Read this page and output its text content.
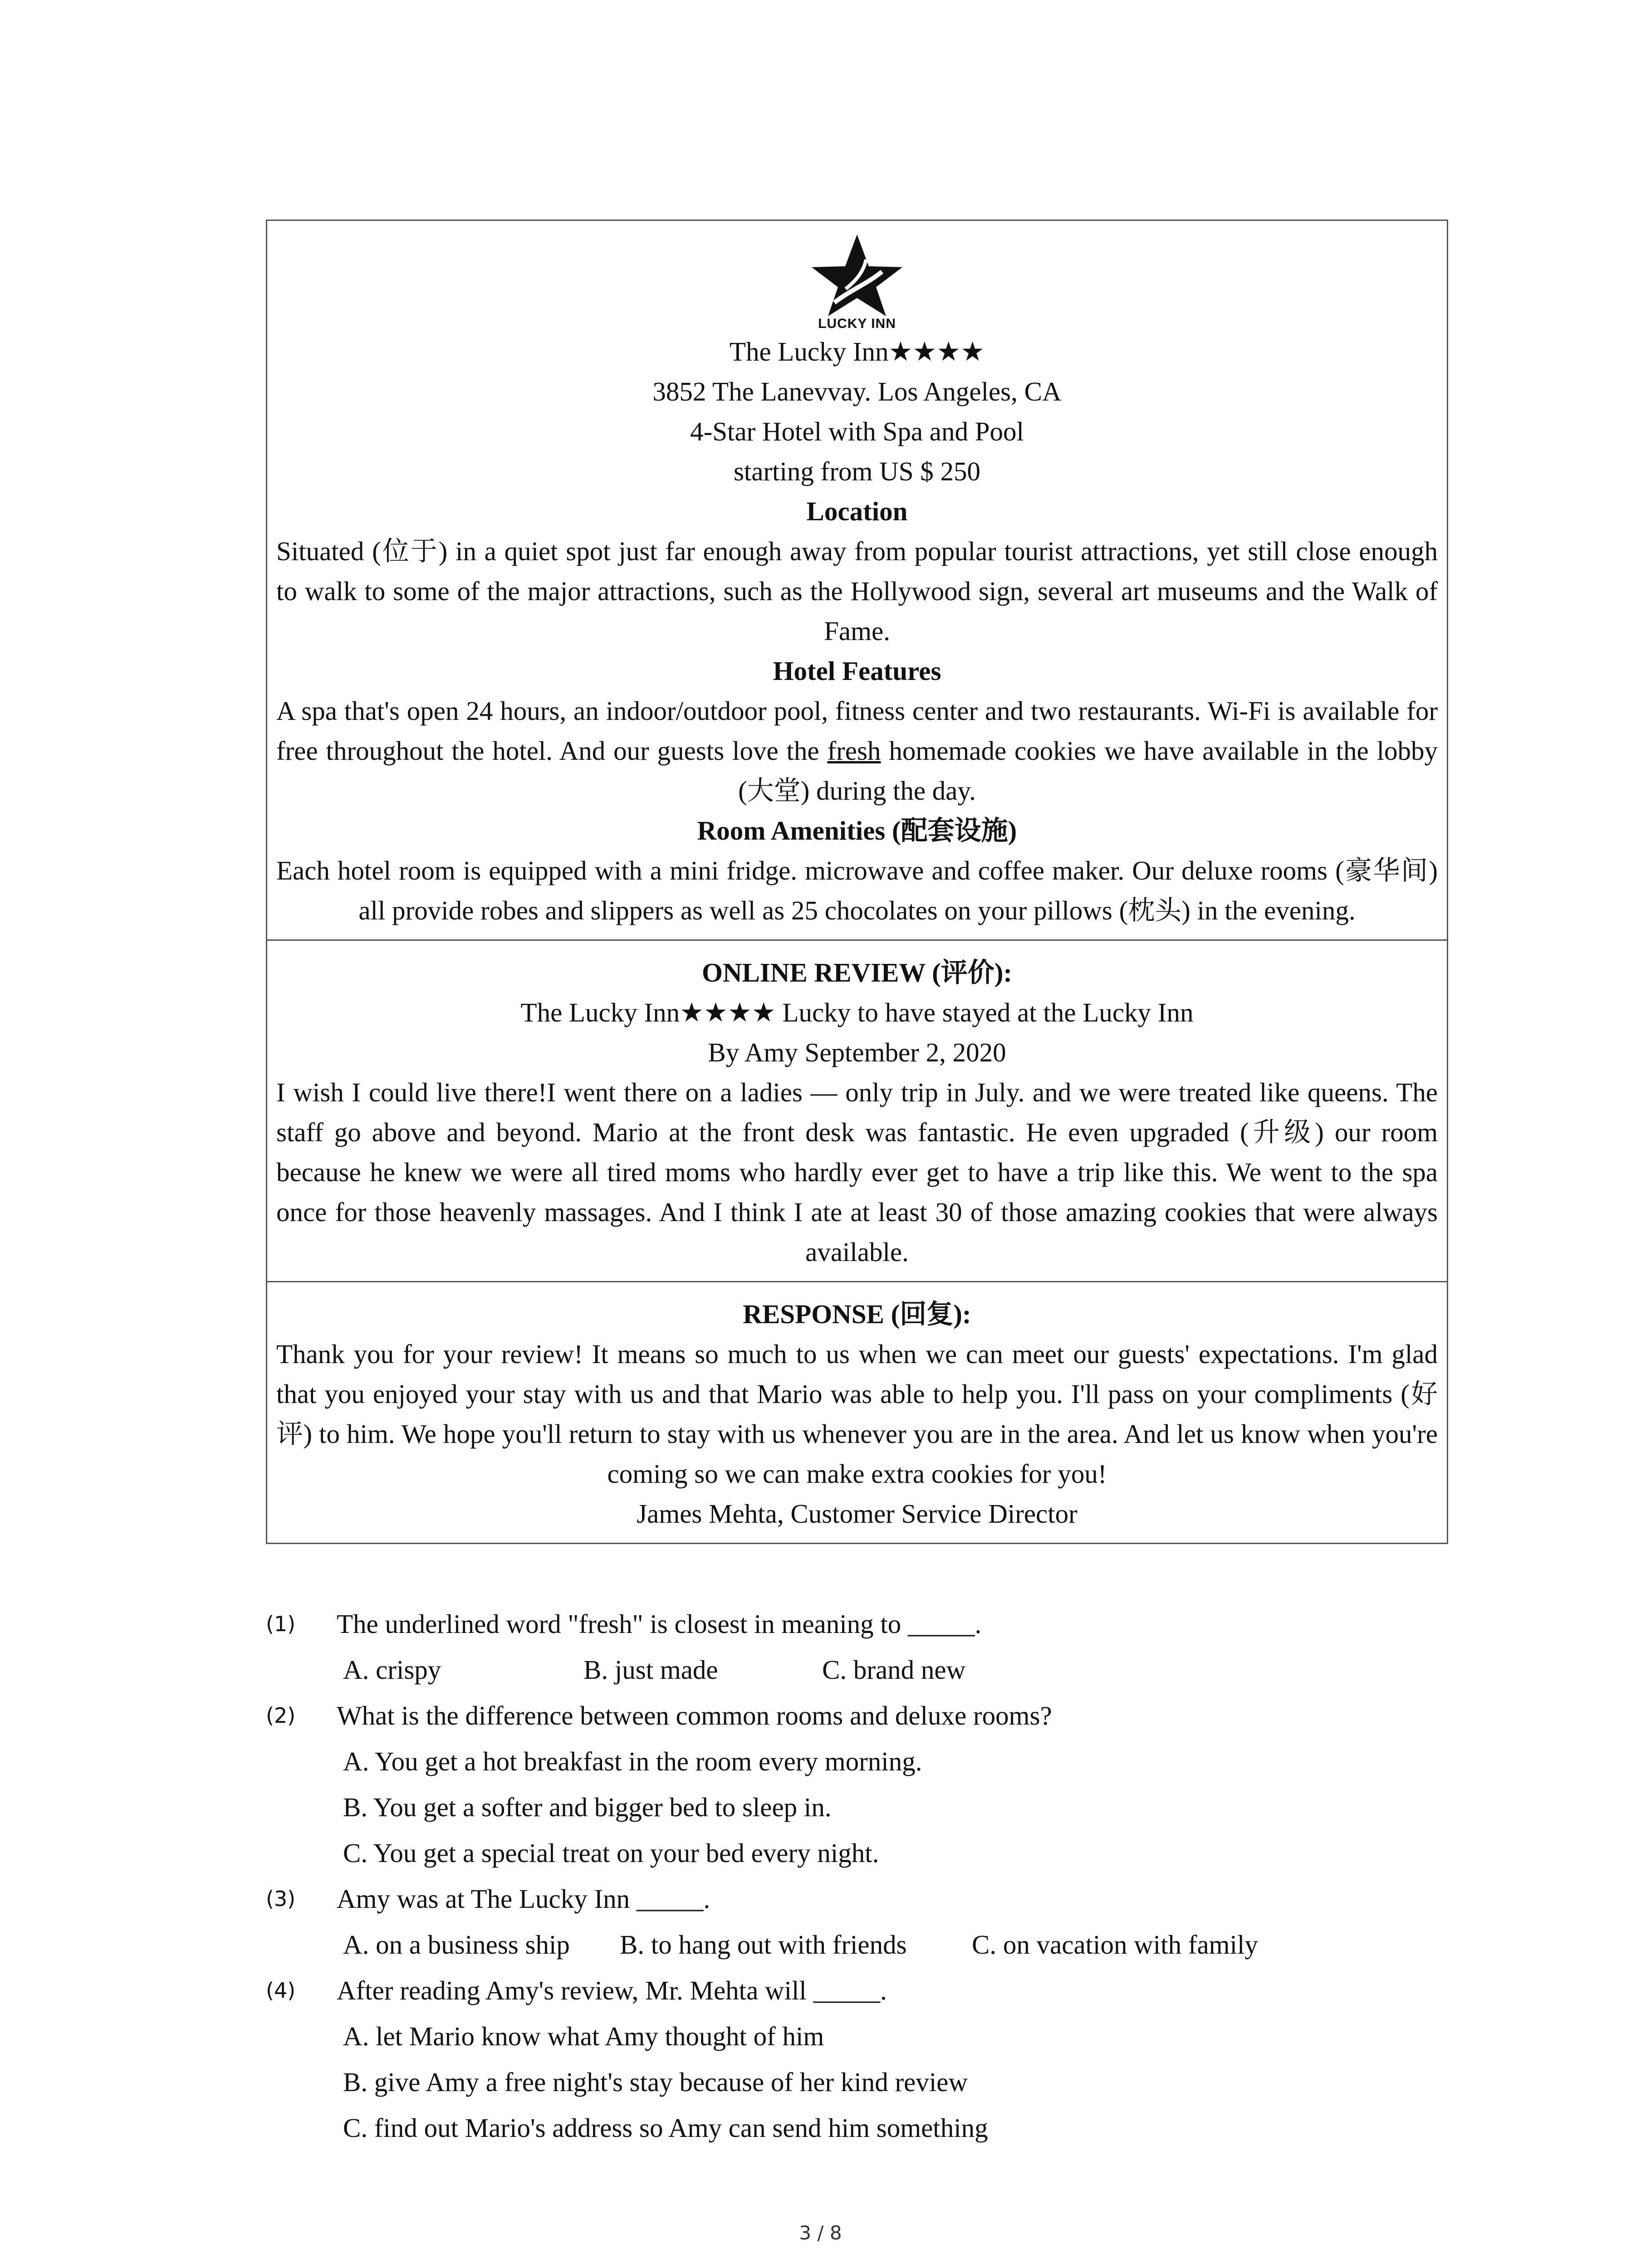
LUCKY INN
The Lucky Inn★★★★
3852 The Lanevvay. Los Angeles, CA
4-Star Hotel with Spa and Pool
starting from US $ 250
Location
Situated (位于) in a quiet spot just far enough away from popular tourist attractions, yet still close enough to walk to some of the major attractions, such as the Hollywood sign, several art museums and the Walk of Fame.
Hotel Features
A spa that's open 24 hours, an indoor/outdoor pool, fitness center and two restaurants. Wi-Fi is available for free throughout the hotel. And our guests love the fresh homemade cookies we have available in the lobby (大堂) during the day.
Room Amenities (配套设施)
Each hotel room is equipped with a mini fridge. microwave and coffee maker. Our deluxe rooms (豪华间) all provide robes and slippers as well as 25 chocolates on your pillows (枕头) in the evening.
ONLINE REVIEW (评价):
The Lucky Inn★★★★ Lucky to have stayed at the Lucky Inn
By Amy September 2, 2020
I wish I could live there!I went there on a ladies — only trip in July. and we were treated like queens. The staff go above and beyond. Mario at the front desk was fantastic. He even upgraded (升级) our room because he knew we were all tired moms who hardly ever get to have a trip like this. We went to the spa once for those heavenly massages. And I think I ate at least 30 of those amazing cookies that were always available.
RESPONSE (回复):
Thank you for your review! It means so much to us when we can meet our guests' expectations. I'm glad that you enjoyed your stay with us and that Mario was able to help you. I'll pass on your compliments (好评) to him. We hope you'll return to stay with us whenever you are in the area. And let us know when you're coming so we can make extra cookies for you!
James Mehta, Customer Service Director
(1) The underlined word "fresh" is closest in meaning to _____.
A. crispy	B. just made	C. brand new
(2) What is the difference between common rooms and deluxe rooms?
A. You get a hot breakfast in the room every morning.
B. You get a softer and bigger bed to sleep in.
C. You get a special treat on your bed every night.
(3) Amy was at The Lucky Inn _____.
A. on a business ship B. to hang out with friends C. on vacation with family
(4) After reading Amy's review, Mr. Mehta will _____.
A. let Mario know what Amy thought of him
B. give Amy a free night's stay because of her kind review
C. find out Mario's address so Amy can send him something
3 / 8
